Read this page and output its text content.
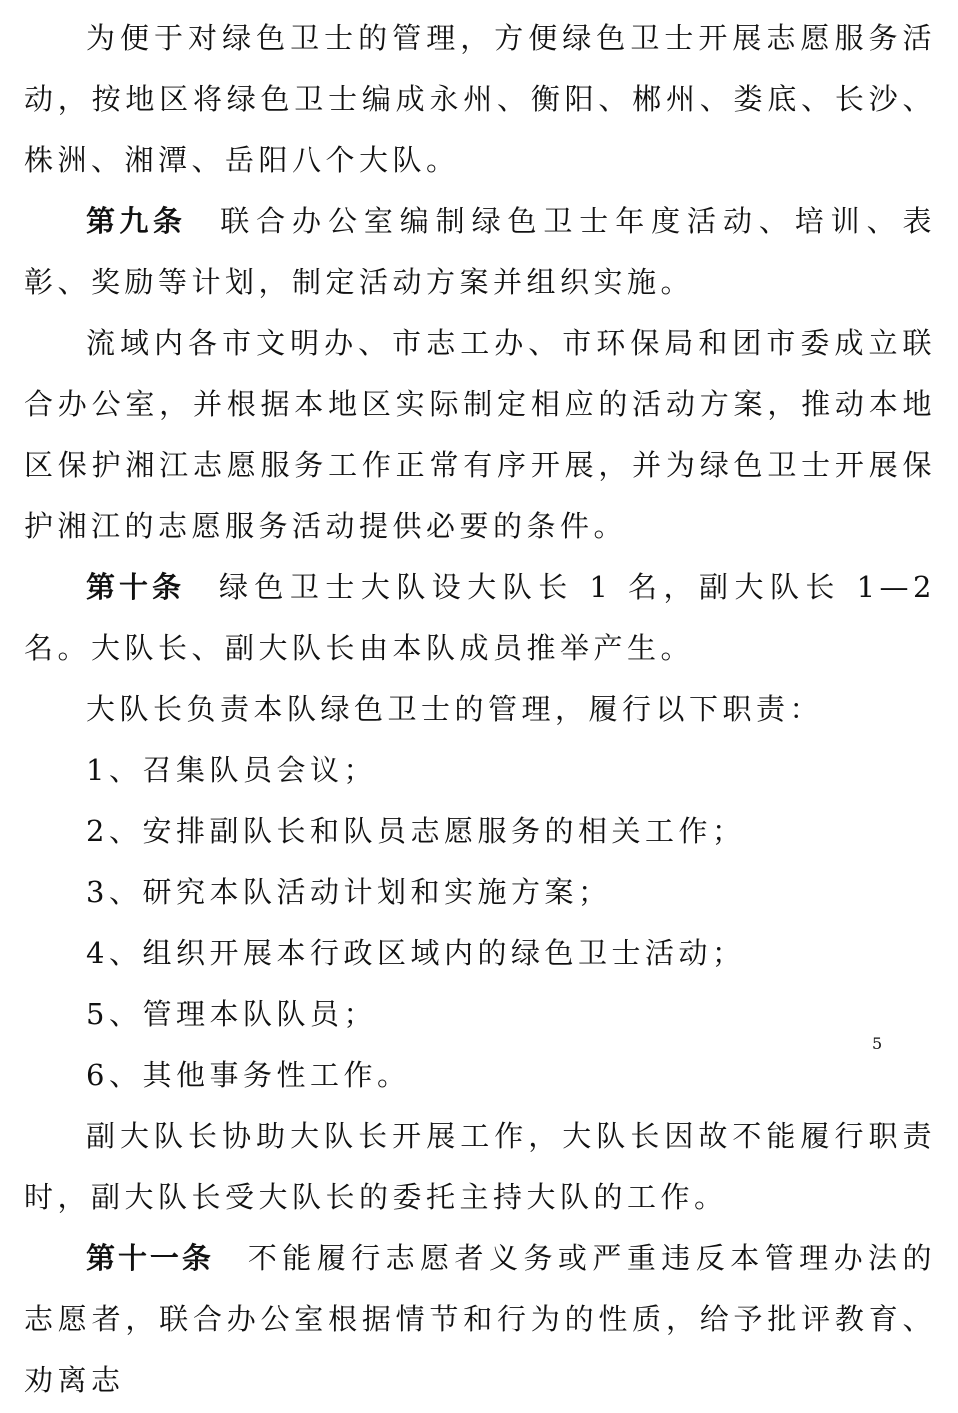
为便于对绿色卫士的管理，方便绿色卫士开展志愿服务活动，按地区将绿色卫士编成永州、衡阳、郴州、娄底、长沙、株洲、湘潭、岳阳八个大队。

第九条 联合办公室编制绿色卫士年度活动、培训、表彰、奖励等计划，制定活动方案并组织实施。

流域内各市文明办、市志工办、市环保局和团市委成立联合办公室，并根据本地区实际制定相应的活动方案，推动本地区保护湘江志愿服务工作正常有序开展，并为绿色卫士开展保护湘江的志愿服务活动提供必要的条件。

第十条 绿色卫士大队设大队长 1 名，副大队长 1—2 名。大队长、副大队长由本队成员推举产生。

大队长负责本队绿色卫士的管理，履行以下职责：

1、召集队员会议；

2、安排副队长和队员志愿服务的相关工作；

3、研究本队活动计划和实施方案；

4、组织开展本行政区域内的绿色卫士活动；

5、管理本队队员；

6、其他事务性工作。

副大队长协助大队长开展工作，大队长因故不能履行职责时，副大队长受大队长的委托主持大队的工作。

第十一条 不能履行志愿者义务或严重违反本管理办法的志愿者，联合办公室根据情节和行为的性质，给予批评教育、劝离志

5
